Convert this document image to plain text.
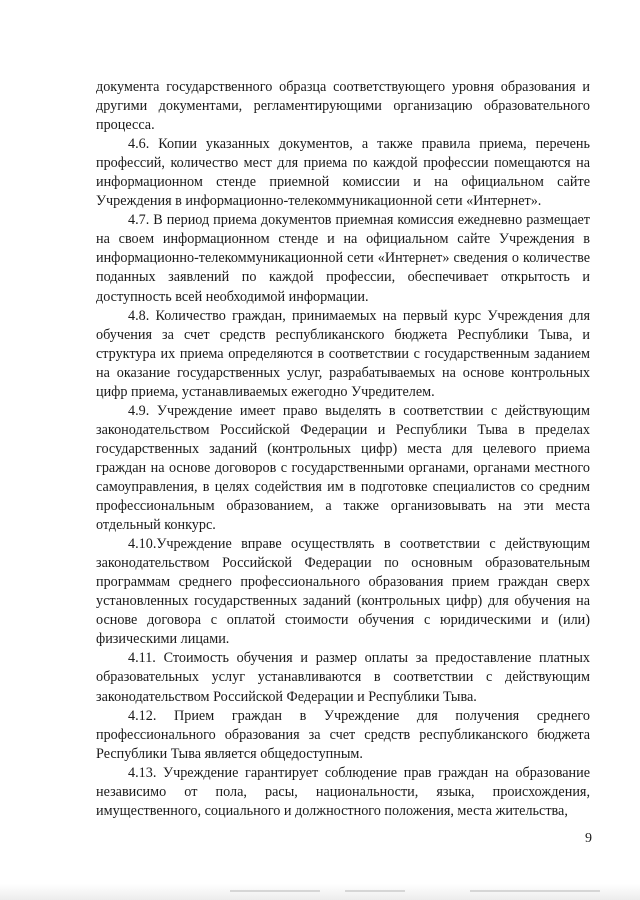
документа государственного образца соответствующего уровня образования и другими документами, регламентирующими организацию образовательного процесса.

4.6. Копии указанных документов, а также правила приема, перечень профессий, количество мест для приема по каждой профессии помещаются на информационном стенде приемной комиссии и на официальном сайте Учреждения в информационно-телекоммуникационной сети «Интернет».

4.7. В период приема документов приемная комиссия ежедневно размещает на своем информационном стенде и на официальном сайте Учреждения в информационно-телекоммуникационной сети «Интернет» сведения о количестве поданных заявлений по каждой профессии, обеспечивает открытость и доступность всей необходимой информации.

4.8. Количество граждан, принимаемых на первый курс Учреждения для обучения за счет средств республиканского бюджета Республики Тыва, и структура их приема определяются в соответствии с государственным заданием на оказание государственных услуг, разрабатываемых на основе контрольных цифр приема, устанавливаемых ежегодно Учредителем.

4.9. Учреждение имеет право выделять в соответствии с действующим законодательством Российской Федерации и Республики Тыва в пределах государственных заданий (контрольных цифр) места для целевого приема граждан на основе договоров с государственными органами, органами местного самоуправления, в целях содействия им в подготовке специалистов со средним профессиональным образованием, а также организовывать на эти места отдельный конкурс.

4.10.Учреждение вправе осуществлять в соответствии с действующим законодательством Российской Федерации по основным образовательным программам среднего профессионального образования прием граждан сверх установленных государственных заданий (контрольных цифр) для обучения на основе договора с оплатой стоимости обучения с юридическими и (или) физическими лицами.

4.11. Стоимость обучения и размер оплаты за предоставление платных образовательных услуг устанавливаются в соответствии с действующим законодательством Российской Федерации и Республики Тыва.

4.12. Прием граждан в Учреждение для получения среднего профессионального образования за счет средств республиканского бюджета Республики Тыва является общедоступным.

4.13. Учреждение гарантирует соблюдение прав граждан на образование независимо от пола, расы, национальности, языка, происхождения, имущественного, социального и должностного положения, места жительства,

9
